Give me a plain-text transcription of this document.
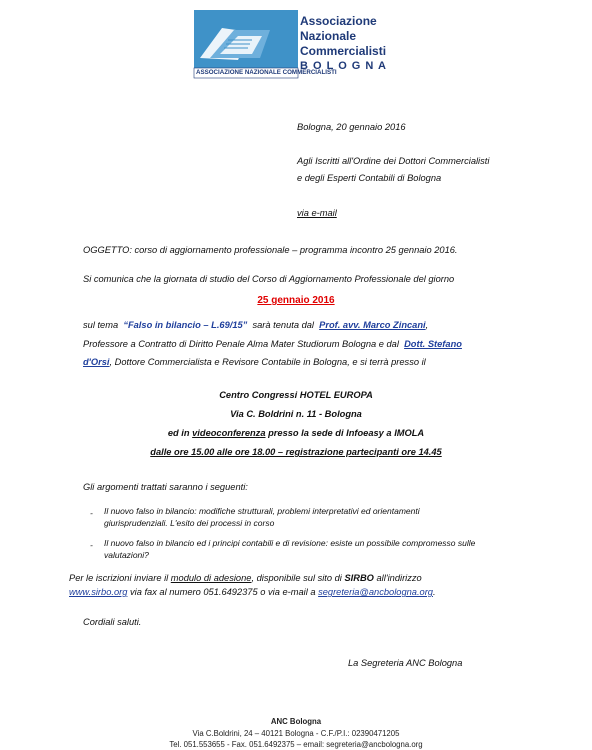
ASSOCIAZIONE NAZIONALE COMMERCIALISTI
Associazione
Nazionale
Commercialisti
B O L O G N A
Bologna, 20 gennaio 2016
Agli Iscritti all'Ordine dei Dottori Commercialisti
e degli Esperti Contabili di Bologna
via e-mail
OGGETTO: corso di aggiornamento professionale – programma incontro 25 gennaio 2016.
Si comunica che la giornata di studio del Corso di Aggiornamento Professionale del giorno
25 gennaio 2016
sul tema “Falso in bilancio – L.69/15” sarà tenuta dal Prof. avv. Marco Zincani,
Professore a Contratto di Diritto Penale Alma Mater Studiorum Bologna e dal Dott. Stefano
d'Orsi, Dottore Commercialista e Revisore Contabile in Bologna, e si terrà presso il
Centro Congressi HOTEL EUROPA
Via C. Boldrini n. 11 - Bologna
ed in videoconferenza presso la sede di Infoeasy a IMOLA
dalle ore 15.00 alle ore 18.00 – registrazione partecipanti ore 14.45
Gli argomenti trattati saranno i seguenti:
- Il nuovo falso in bilancio: modifiche strutturali, problemi interpretativi ed orientamenti
giurisprudenziali. L'esito dei processi in corso
- Il nuovo falso in bilancio ed i principi contabili e di revisione: esiste un possibile compromesso sulle
valutazioni?
Per le iscrizioni inviare il modulo di adesione, disponibile sul sito di SIRBO all'indirizzo
www.sirbo.org via fax al numero 051.6492375 o via e-mail a segreteria@ancbologna.org.
Cordiali saluti.
La Segreteria ANC Bologna
ANC Bologna
Via C.Boldrini, 24 – 40121 Bologna - C.F./P.I.: 02390471205
Tel. 051.553655 - Fax. 051.6492375 – email: segreteria@ancbologna.org
